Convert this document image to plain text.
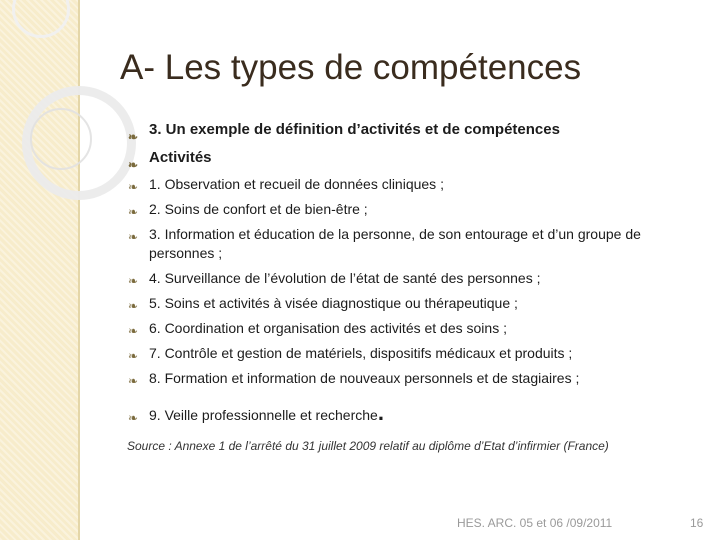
A- Les types de compétences
❧ 3. Un exemple de définition d’activités et de compétences
❧ Activités
❧ 1. Observation et recueil de données cliniques ;
❧ 2. Soins de confort et de bien-être ;
❧ 3. Information et éducation de la personne, de son entourage et d’un groupe de personnes ;
❧ 4. Surveillance de l’évolution de l’état de santé des personnes ;
❧ 5. Soins et activités à visée diagnostique ou thérapeutique ;
❧ 6. Coordination et organisation des activités et des soins ;
❧ 7. Contrôle et gestion de matériels, dispositifs médicaux et produits ;
❧ 8. Formation et information de nouveaux personnels et de stagiaires ;
❧ 9. Veille professionnelle et recherche.

Source : Annexe 1 de l’arrêté du 31 juillet 2009 relatif au diplôme d’Etat d’infirmier (France)

HES. ARC. 05 et 06 /09/2011	16
